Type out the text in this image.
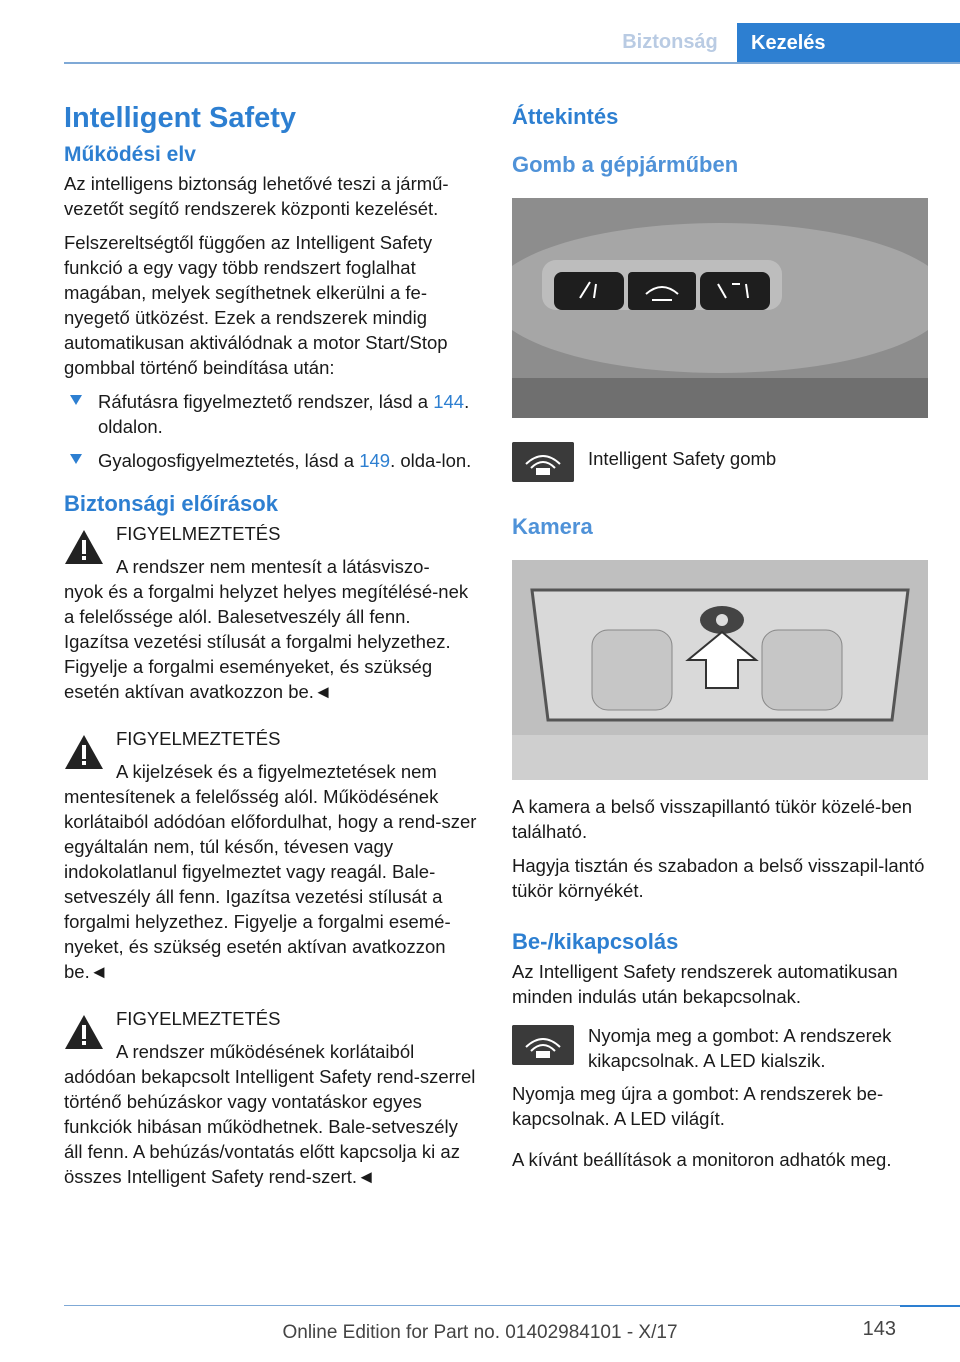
Biztonság	Kezelés
Intelligent Safety
Működési elv

Az intelligens biztonság lehetővé teszi a jármű-vezetőt segítő rendszerek központi kezelését.

Felszereltségtől függően az Intelligent Safety funkció a egy vagy több rendszert foglalhat magában, melyek segíthetnek elkerülni a fe-nyegető ütközést. Ezek a rendszerek mindig automatikusan aktiválódnak a motor Start/Stop gombbal történő beindítása után:

Ráfutásra figyelmeztető rendszer, lásd a 144. oldalon.
Gyalogosfigyelmeztetés, lásd a 149. olda-lon.
Biztonsági előírások
FIGYELMEZTETÉS
A rendszer nem mentesít a látásviszo-
nyok és a forgalmi helyzet helyes megítélésé-nek a felelőssége alól. Balesetveszély áll fenn. Igazítsa vezetési stílusát a forgalmi helyzethez. Figyelje a forgalmi eseményeket, és szükség esetén aktívan avatkozzon be.◄
FIGYELMEZTETÉS
A kijelzések és a figyelmeztetések nem
mentesítenek a felelősség alól. Működésének korlátaiból adódóan előfordulhat, hogy a rend-szer egyáltalán nem, túl későn, tévesen vagy indokolatlanul figyelmeztet vagy reagál. Bale-setveszély áll fenn. Igazítsa vezetési stílusát a forgalmi helyzethez. Figyelje a forgalmi esemé-nyeket, és szükség esetén aktívan avatkozzon be.◄
FIGYELMEZTETÉS
A rendszer működésének korlátaiból
adódóan bekapcsolt Intelligent Safety rend-szerrel történő behúzáskor vagy vontatáskor egyes funkciók hibásan működhetnek. Bale-setveszély áll fenn. A behúzás/vontatás előtt kapcsolja ki az összes Intelligent Safety rend-szert.◄
Áttekintés
Gomb a gépjárműben
Intelligent Safety gomb
Kamera

A kamera a belső visszapillantó tükör közelé-ben található.

Hagyja tisztán és szabadon a belső visszapil-lantó tükör környékét.

Be-/kikapcsolás

Az Intelligent Safety rendszerek automatikusan minden indulás után bekapcsolnak.

Nyomja meg a gombot: A rendszerek kikapcsolnak. A LED kialszik.

Nyomja meg újra a gombot: A rendszerek be-kapcsolnak. A LED világít.

A kívánt beállítások a monitoron adhatók meg.

143
Online Edition for Part no. 01402984101 - X/17
